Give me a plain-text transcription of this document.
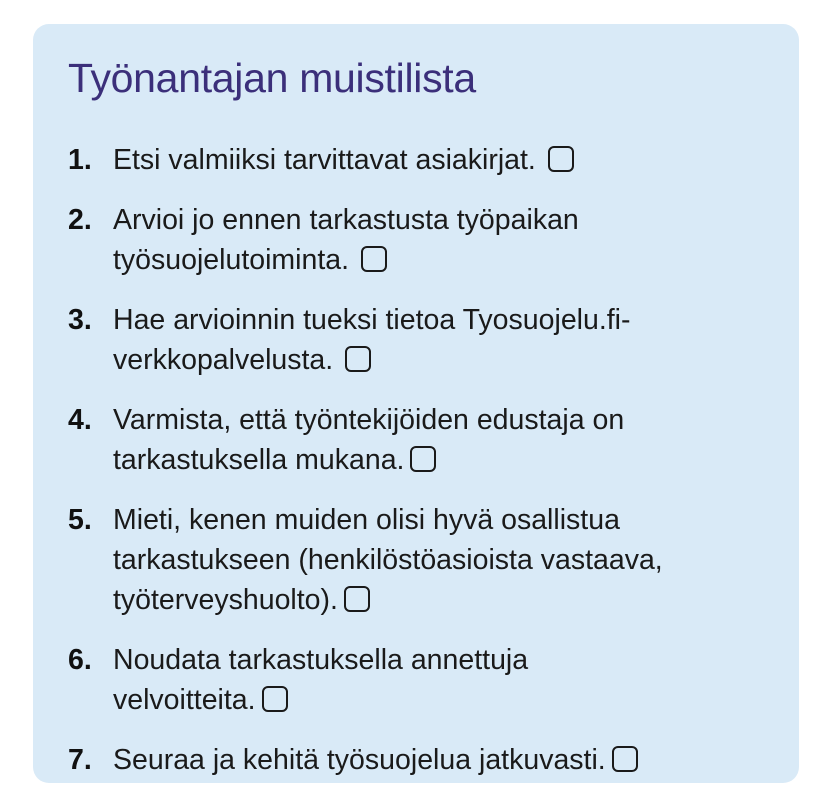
Työnantajan muistilista
1. Etsi valmiiksi tarvittavat asiakirjat.
2. Arvioi jo ennen tarkastusta työpaikan
työsuojelutoiminta.
3. Hae arvioinnin tueksi tietoa Tyosuojelu.fi-
verkkopalvelusta.
4. Varmista, että työntekijöiden edustaja on
tarkastuksella mukana.
5. Mieti, kenen muiden olisi hyvä osallistua
tarkastukseen (henkilöstöasioista vastaava,
työterveyshuolto).
6. Noudata tarkastuksella annettuja
velvoitteita.
7. Seuraa ja kehitä työsuojelua jatkuvasti.
